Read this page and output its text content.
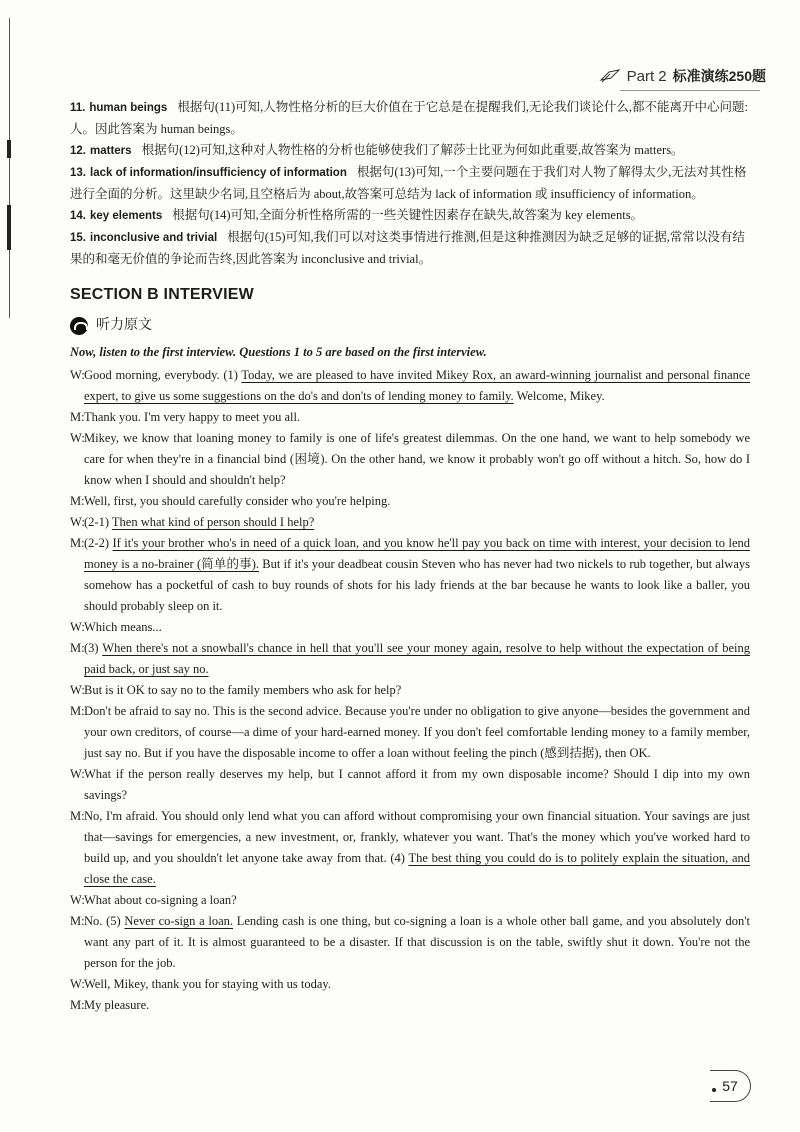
Part 2 标准演练250题
11. human beings 根据句(11)可知,人物性格分析的巨大价值在于它总是在提醒我们,无论我们谈论什么,都不能离开中心问题:人。因此答案为 human beings。
12. matters 根据句(12)可知,这种对人物性格的分析也能够使我们了解莎士比亚为何如此重要,故答案为 matters。
13. lack of information/insufficiency of information 根据句(13)可知,一个主要问题在于我们对人物了解得太少,无法对其性格进行全面的分析。这里缺少名词,且空格后为 about,故答案可总结为 lack of information 或 insufficiency of information。
14. key elements 根据句(14)可知,全面分析性格所需的一些关键性因素存在缺失,故答案为 key elements。
15. inconclusive and trivial 根据句(15)可知,我们可以对这类事情进行推测,但是这种推测因为缺乏足够的证据,常常以没有结果的和毫无价值的争论而告终,因此答案为 inconclusive and trivial。
SECTION B INTERVIEW
听力原文
Now, listen to the first interview. Questions 1 to 5 are based on the first interview.
W: Good morning, everybody. (1) Today, we are pleased to have invited Mikey Rox, an award-winning journalist and personal finance expert, to give us some suggestions on the do's and don'ts of lending money to family. Welcome, Mikey.
M: Thank you. I'm very happy to meet you all.
W: Mikey, we know that loaning money to family is one of life's greatest dilemmas. On the one hand, we want to help somebody we care for when they're in a financial bind (困境). On the other hand, we know it probably won't go off without a hitch. So, how do I know when I should and shouldn't help?
M: Well, first, you should carefully consider who you're helping.
W: (2-1) Then what kind of person should I help?
M: (2-2) If it's your brother who's in need of a quick loan, and you know he'll pay you back on time with interest, your decision to lend money is a no-brainer (简单的事). But if it's your deadbeat cousin Steven who has never had two nickels to rub together, but always somehow has a pocketful of cash to buy rounds of shots for his lady friends at the bar because he wants to look like a baller, you should probably sleep on it.
W: Which means...
M: (3) When there's not a snowball's chance in hell that you'll see your money again, resolve to help without the expectation of being paid back, or just say no.
W: But is it OK to say no to the family members who ask for help?
M: Don't be afraid to say no. This is the second advice. Because you're under no obligation to give anyone—besides the government and your own creditors, of course—a dime of your hard-earned money. If you don't feel comfortable lending money to a family member, just say no. But if you have the disposable income to offer a loan without feeling the pinch (感到拮据), then OK.
W: What if the person really deserves my help, but I cannot afford it from my own disposable income? Should I dip into my own savings?
M: No, I'm afraid. You should only lend what you can afford without compromising your own financial situation. Your savings are just that—savings for emergencies, a new investment, or, frankly, whatever you want. That's the money which you've worked hard to build up, and you shouldn't let anyone take away from that. (4) The best thing you could do is to politely explain the situation, and close the case.
W: What about co-signing a loan?
M: No. (5) Never co-sign a loan. Lending cash is one thing, but co-signing a loan is a whole other ball game, and you absolutely don't want any part of it. It is almost guaranteed to be a disaster. If that discussion is on the table, swiftly shut it down. You're not the person for the job.
W: Well, Mikey, thank you for staying with us today.
M: My pleasure.
57
